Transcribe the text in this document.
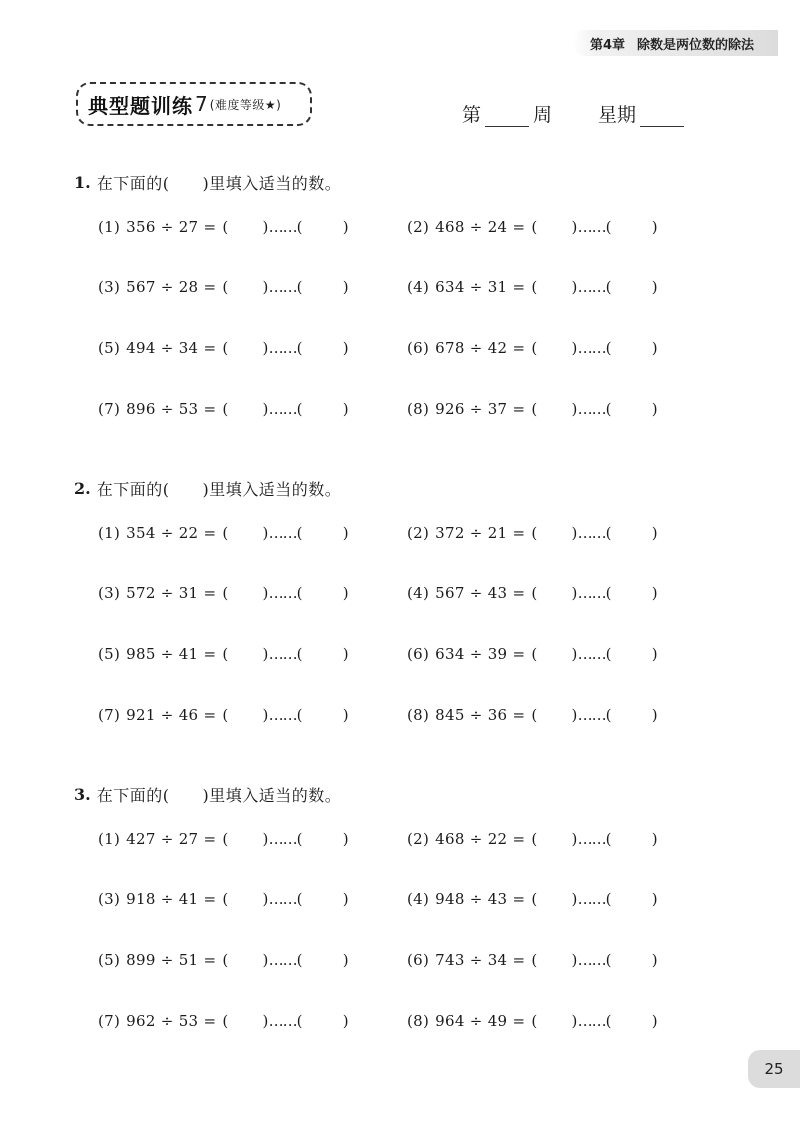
第4章 除数是两位数的除法
典型题训练 7 (难度等级★)	第	周 星期
1. 在下面的(　　)里填入适当的数。
(1) 356 ÷ 27 = ( ) …… (	)	(2) 468 ÷ 24 = ( ) …… (	)
(3) 567 ÷ 28 = ( ) …… (	)	(4) 634 ÷ 31 = ( ) …… (	)
(5) 494 ÷ 34 = ( ) …… (	)	(6) 678 ÷ 42 = ( ) …… (	)
(7) 896 ÷ 53 = ( ) …… (	)	(8) 926 ÷ 37 = ( ) …… (	)
2. 在下面的(　　)里填入适当的数。
(1) 354 ÷ 22 = ( ) …… (	)	(2) 372 ÷ 21 = ( ) …… (	)
(3) 572 ÷ 31 = ( ) …… (	)	(4) 567 ÷ 43 = ( ) …… (	)
(5) 985 ÷ 41 = ( ) …… (	)	(6) 634 ÷ 39 = ( ) …… (	)
(7) 921 ÷ 46 = ( ) …… (	)	(8) 845 ÷ 36 = ( ) …… (	)
3. 在下面的(　　)里填入适当的数。
(1) 427 ÷ 27 = ( ) …… (	)	(2) 468 ÷ 22 = ( ) …… (	)
(3) 918 ÷ 41 = ( ) …… (	)	(4) 948 ÷ 43 = ( ) …… (	)
(5) 899 ÷ 51 = ( ) …… (	)	(6) 743 ÷ 34 = ( ) …… (	)
(7) 962 ÷ 53 = ( ) …… (	)	(8) 964 ÷ 49 = ( ) …… (	)
25
